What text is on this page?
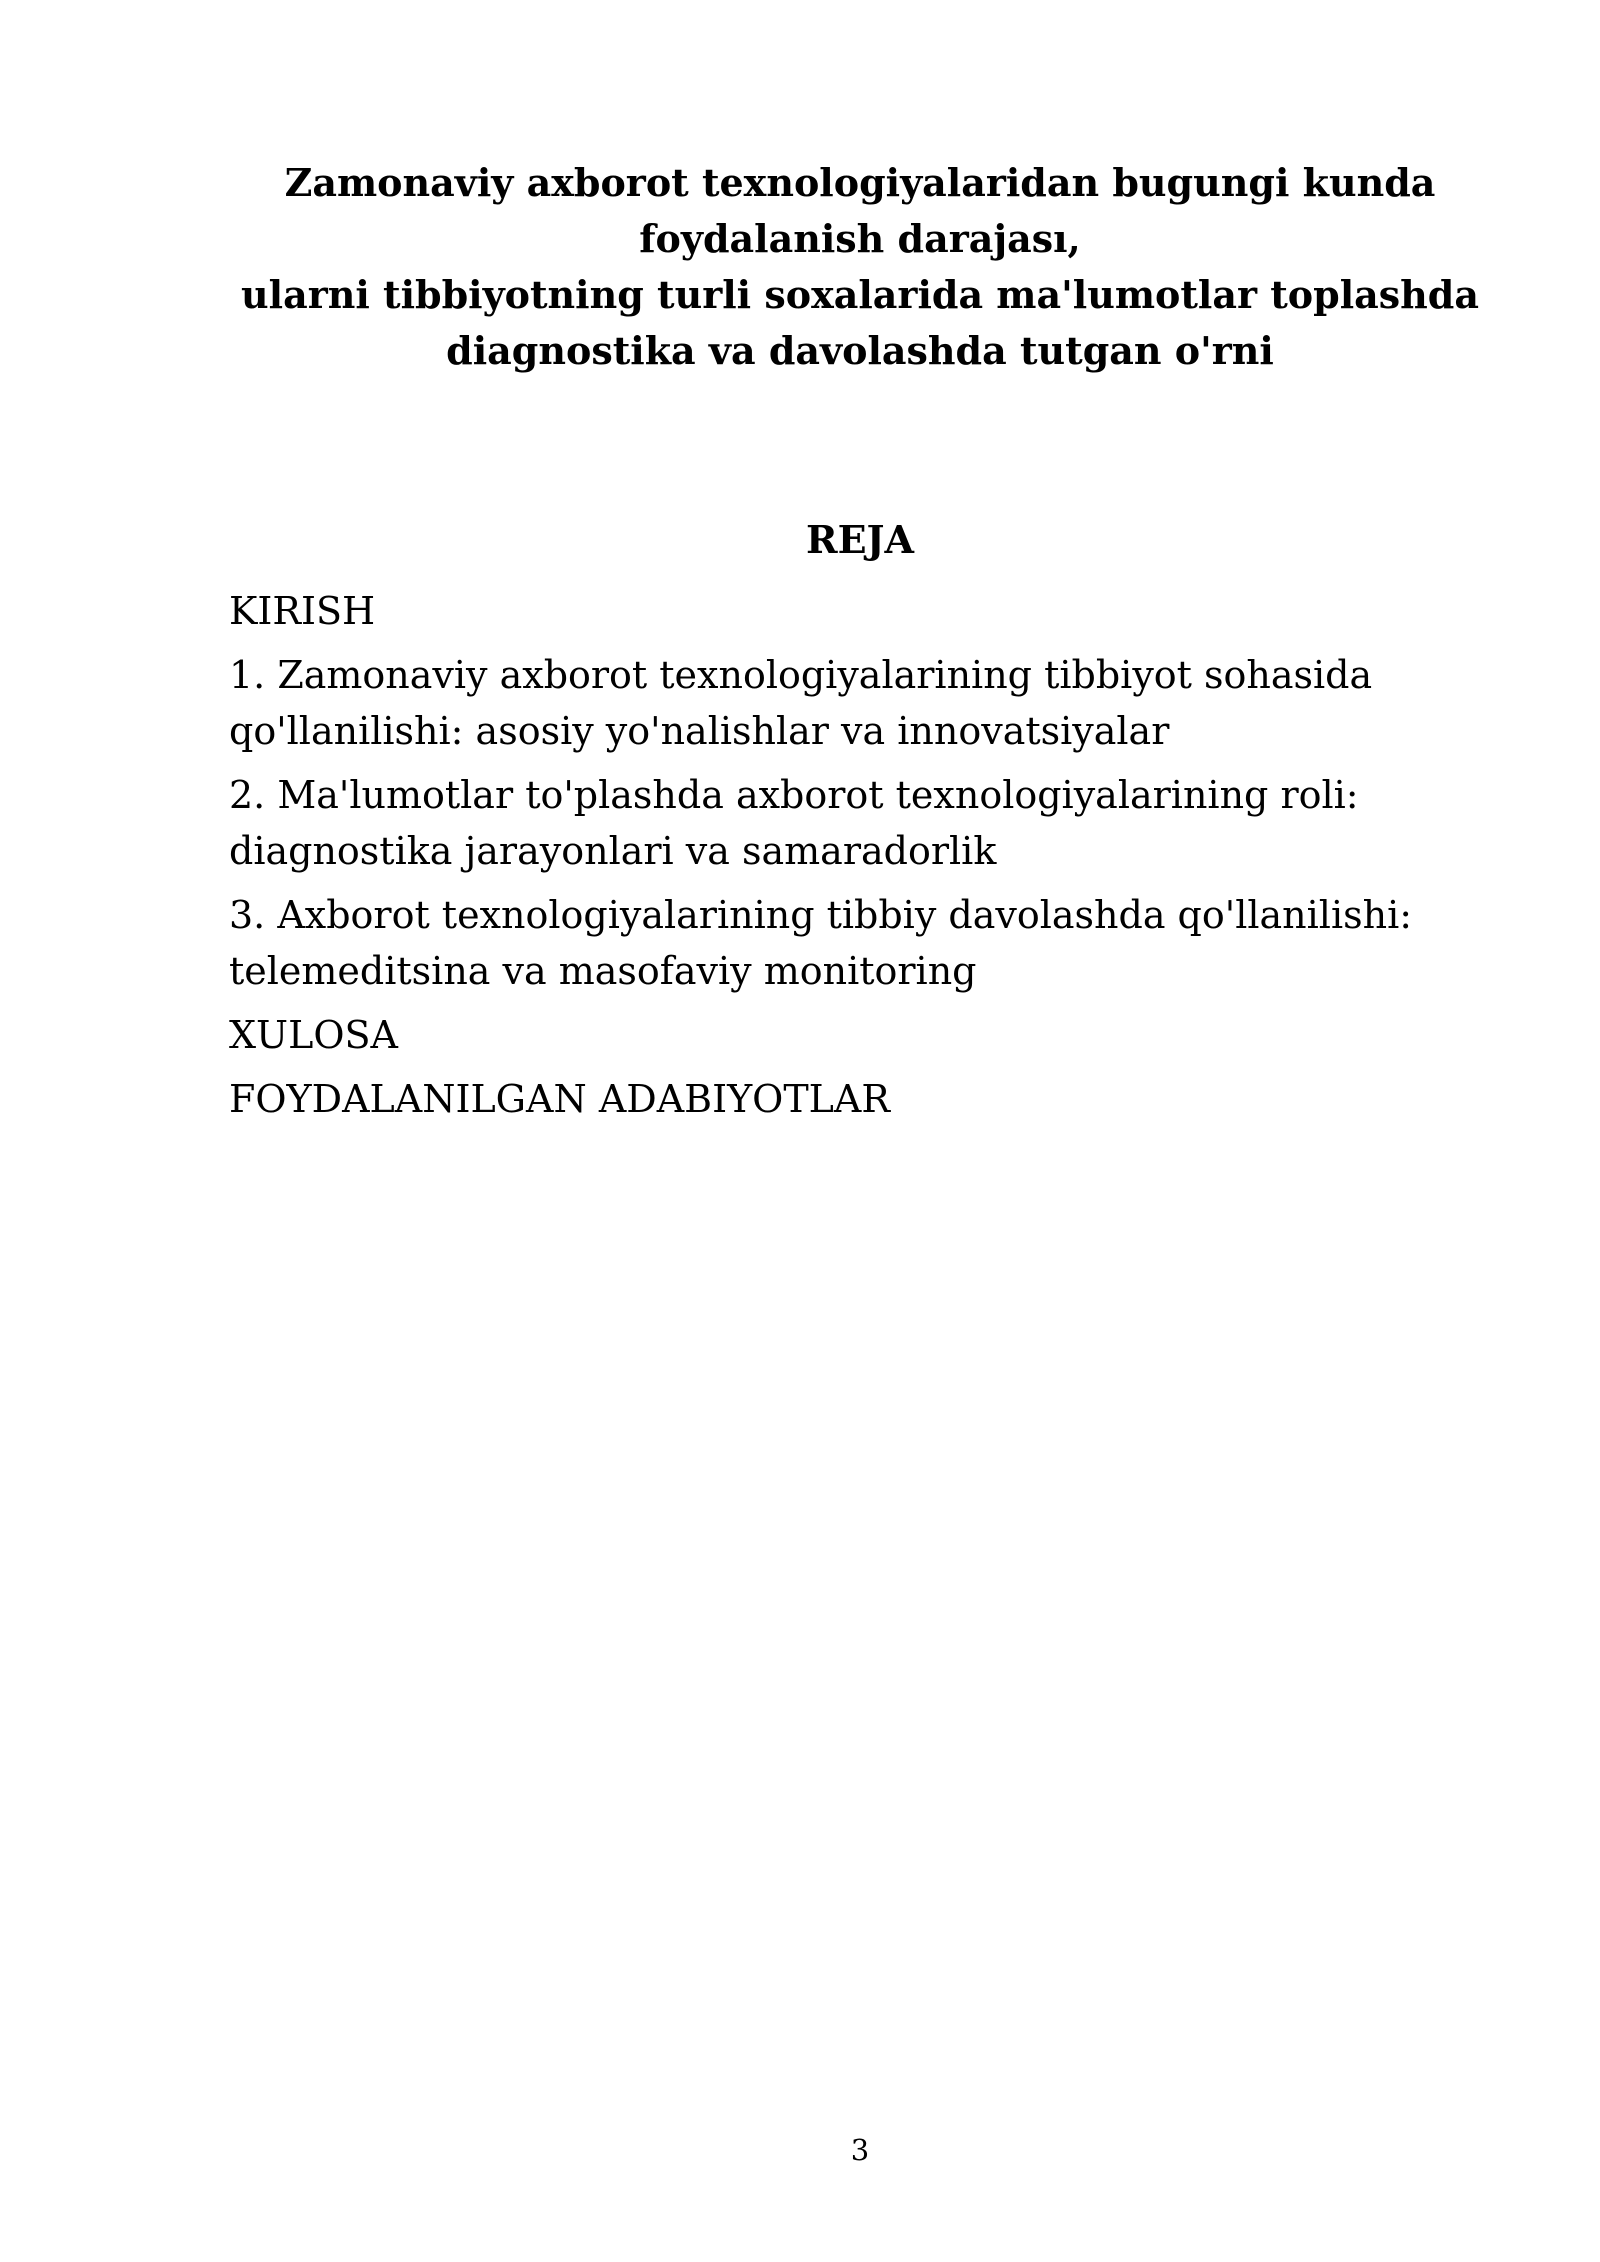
Zamonaviy axborot texnologiyalaridan bugungi kunda
foydalanish darajası,
ularni tibbiyotning turli soxalarida ma'lumotlar toplashda
diagnostika va davolashda tutgan o'rni
REJA
KIRISH
1. Zamonaviy axborot texnologiyalarining tibbiyot sohasida
qo'llanilishi: asosiy yo'nalishlar va innovatsiyalar
2. Ma'lumotlar to'plashda axborot texnologiyalarining roli:
diagnostika jarayonlari va samaradorlik
3. Axborot texnologiyalarining tibbiy davolashda qo'llanilishi:
telemeditsina va masofaviy monitoring
XULOSA
FOYDALANILGAN ADABIYOTLAR
3
